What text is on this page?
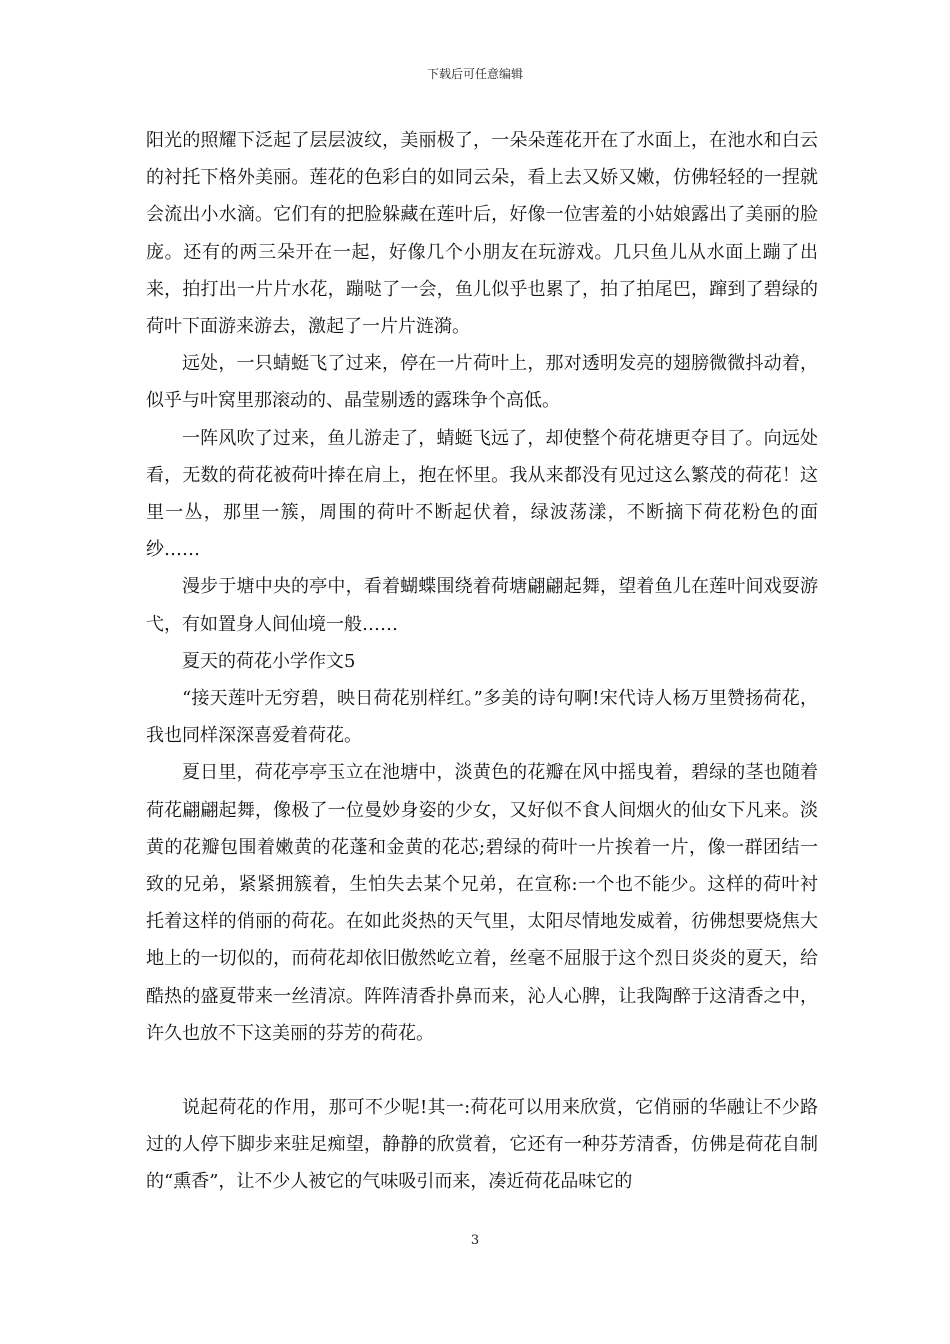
下载后可任意编辑

阳光的照耀下泛起了层层波纹，美丽极了，一朵朵莲花开在了水面上，在池水和白云的衬托下格外美丽。莲花的色彩白的如同云朵，看上去又娇又嫩，仿佛轻轻的一捏就会流出小水滴。它们有的把脸躲藏在莲叶后，好像一位害羞的小姑娘露出了美丽的脸庞。还有的两三朵开在一起，好像几个小朋友在玩游戏。几只鱼儿从水面上蹦了出来，拍打出一片片水花，蹦哒了一会，鱼儿似乎也累了，拍了拍尾巴，蹿到了碧绿的荷叶下面游来游去，激起了一片片涟漪。

远处，一只蜻蜓飞了过来，停在一片荷叶上，那对透明发亮的翅膀微微抖动着，似乎与叶窝里那滚动的、晶莹剔透的露珠争个高低。

一阵风吹了过来，鱼儿游走了，蜻蜓飞远了，却使整个荷花塘更夺目了。向远处看，无数的荷花被荷叶捧在肩上，抱在怀里。我从来都没有见过这么繁茂的荷花！这里一丛，那里一簇，周围的荷叶不断起伏着，绿波荡漾，不断摘下荷花粉色的面纱……

漫步于塘中央的亭中，看着蝴蝶围绕着荷塘翩翩起舞，望着鱼儿在莲叶间戏耍游弋，有如置身人间仙境一般……

夏天的荷花小学作文5

“接天莲叶无穷碧，映日荷花别样红。”多美的诗句啊!宋代诗人杨万里赞扬荷花，我也同样深深喜爱着荷花。

夏日里，荷花亭亭玉立在池塘中，淡黄色的花瓣在风中摇曳着，碧绿的茎也随着荷花翩翩起舞，像极了一位曼妙身姿的少女，又好似不食人间烟火的仙女下凡来。淡黄的花瓣包围着嫩黄的花蓬和金黄的花芯;碧绿的荷叶一片挨着一片，像一群团结一致的兄弟，紧紧拥簇着，生怕失去某个兄弟，在宣称:一个也不能少。这样的荷叶衬托着这样的俏丽的荷花。在如此炎热的天气里，太阳尽情地发威着，彷佛想要烧焦大地上的一切似的，而荷花却依旧傲然屹立着，丝毫不屈服于这个烈日炎炎的夏天，给酷热的盛夏带来一丝清凉。阵阵清香扑鼻而来，沁人心脾，让我陶醉于这清香之中，许久也放不下这美丽的芬芳的荷花。

说起荷花的作用，那可不少呢!其一:荷花可以用来欣赏，它俏丽的华融让不少路过的人停下脚步来驻足痴望，静静的欣赏着，它还有一种芬芳清香，仿佛是荷花自制的“熏香”，让不少人被它的气味吸引而来，凑近荷花品味它的

3
